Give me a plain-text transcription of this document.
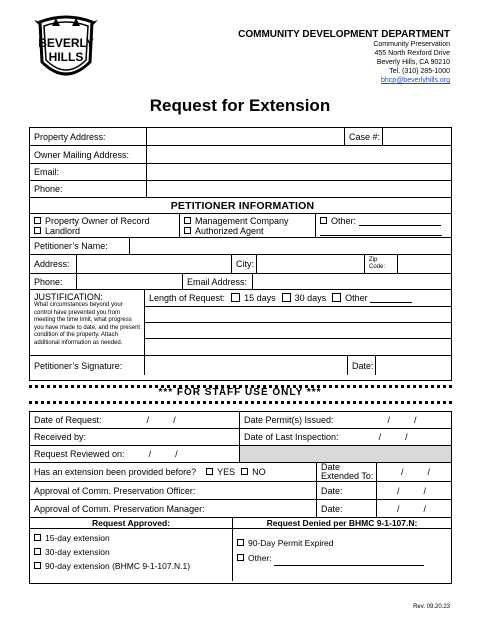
BEVERLY
HILLS
COMMUNITY DEVELOPMENT DEPARTMENT
Community Preservation
455 North Rexford Drive
Beverly Hills, CA 90210
Tel. (310) 285-1000
bhcp@beverlyhills.org
Request for Extension
Property Address:	Case #:
Owner Mailing Address:
Email:
Phone:
PETITIONER INFORMATION
Property Owner of Record
Landlord
Management Company
Authorized Agent
Other:
Petitioner’s Name:
Address:	City:	Zip
Code:
Phone:	Email Address:
JUSTIFICATION:
What circumstances beyond your control have prevented you from meeting the time limit, what progress you have made to date, and the present condition of the property. Attach additional information as needed.
Length of Request:	15 days	30 days	Other
Petitioner’s Signature:	Date:
*** FOR STAFF USE ONLY ***
Date of Request:	/	/	Date Permit(s) Issued:	/	/
Received by:	Date of Last Inspection:	/	/
Request Reviewed on:	/	/
Has an extension been provided before?	YES	NO	Date
Extended To:	/	/
Approval of Comm. Preservation Officer:	Date:	/	/
Approval of Comm. Preservation Manager:	Date:	/	/
Request Approved:
15-day extension
30-day extension
90-day extension (BHMC 9-1-107.N.1)
Request Denied per BHMC 9-1-107.N:
90-Day Permit Expired
Other:
Rev. 09.20.23
